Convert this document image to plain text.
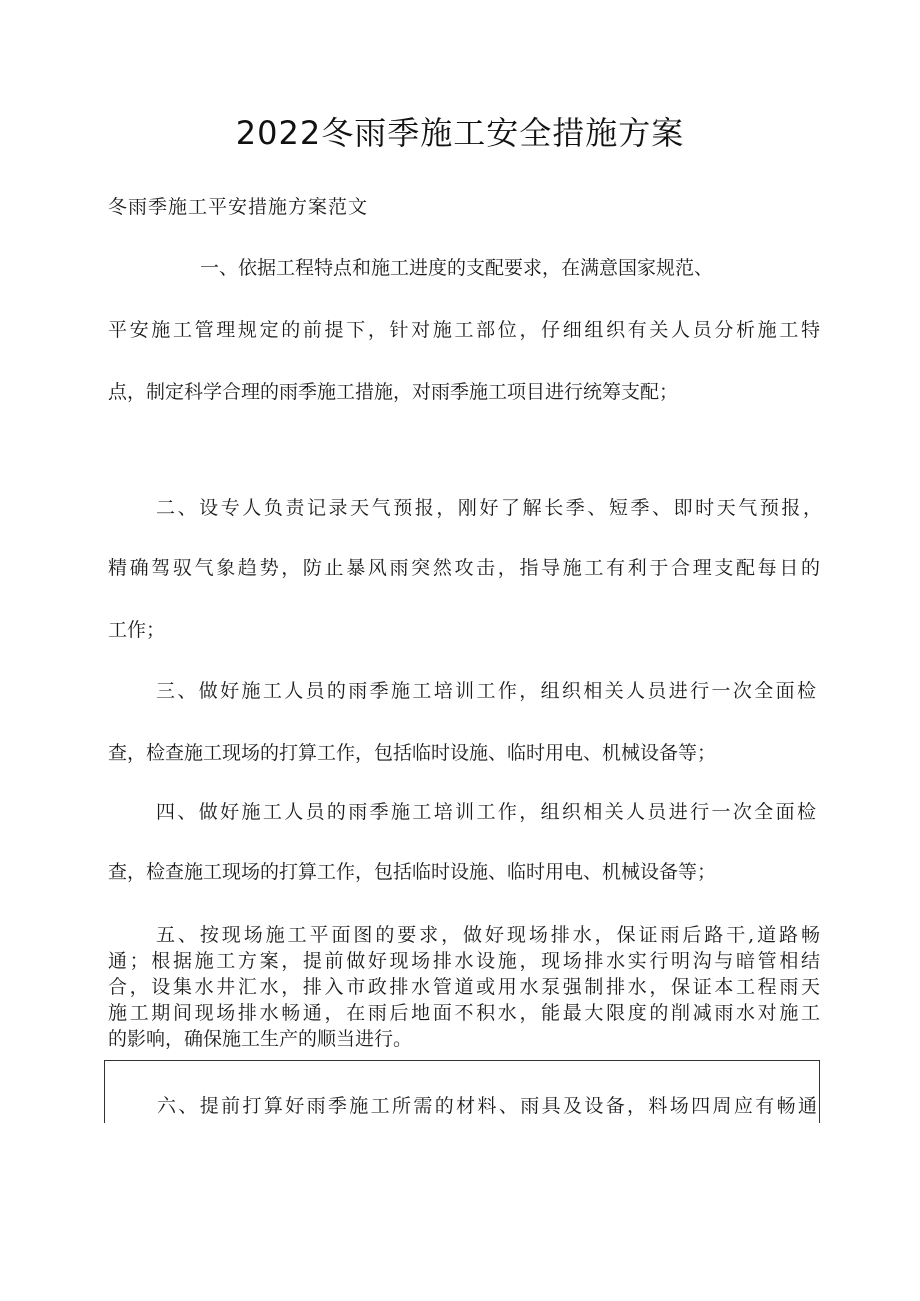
2022冬雨季施工安全措施方案

冬雨季施工平安措施方案范文

一、依据工程特点和施工进度的支配要求，在满意国家规范、

平安施工管理规定的前提下，针对施工部位，仔细组织有关人员分析施工特

点，制定科学合理的雨季施工措施，对雨季施工项目进行统筹支配；

二、设专人负责记录天气预报，刚好了解长季、短季、即时天气预报，

精确驾驭气象趋势，防止暴风雨突然攻击，指导施工有利于合理支配每日的

工作；

三、做好施工人员的雨季施工培训工作，组织相关人员进行一次全面检

查，检查施工现场的打算工作，包括临时设施、临时用电、机械设备等；

四、做好施工人员的雨季施工培训工作，组织相关人员进行一次全面检

查，检查施工现场的打算工作，包括临时设施、临时用电、机械设备等；

五、按现场施工平面图的要求，做好现场排水，保证雨后路干,道路畅
通；根据施工方案，提前做好现场排水设施，现场排水实行明沟与暗管相结
合，设集水井汇水，排入市政排水管道或用水泵强制排水，保证本工程雨天
施工期间现场排水畅通，在雨后地面不积水，能最大限度的削减雨水对施工
的影响，确保施工生产的顺当进行。

六、提前打算好雨季施工所需的材料、雨具及设备，料场四周应有畅通
